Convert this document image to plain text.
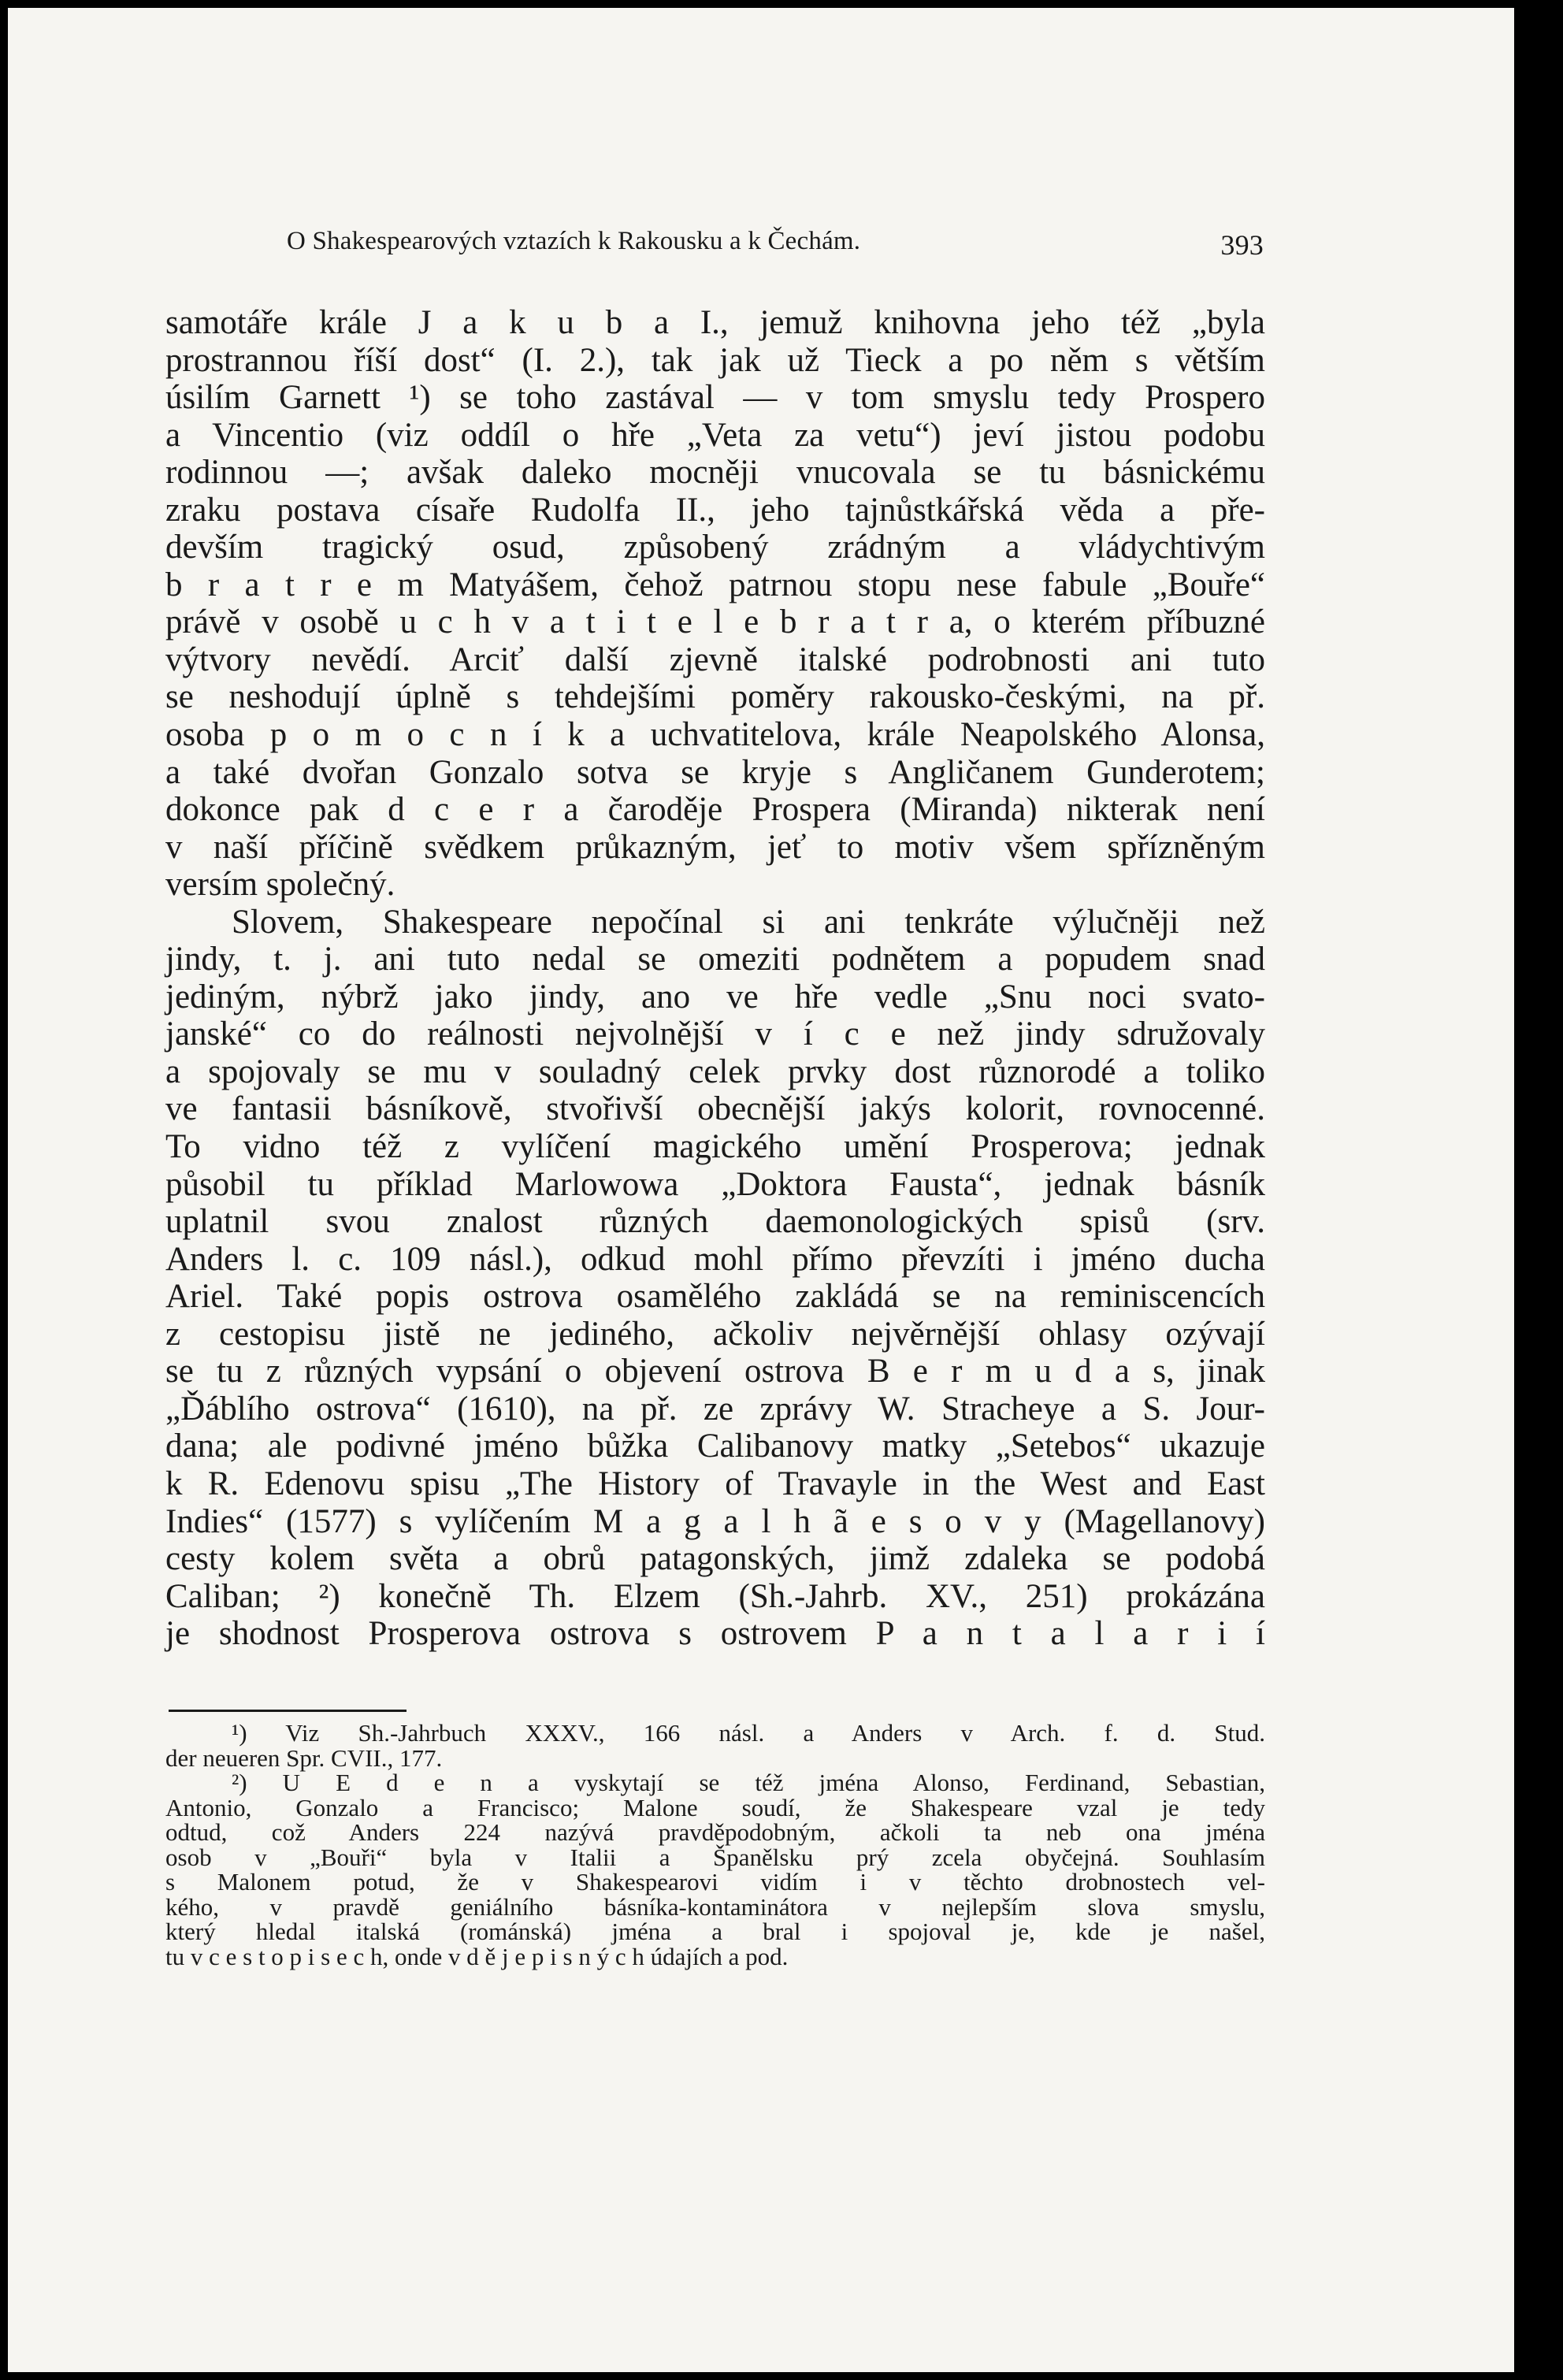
O Shakespearových vztazích k Rakousku a k Čechám.	393
samotáře krále J a k u b a I., jemuž knihovna jeho též „byla
prostrannou říší dost“ (I. 2.), tak jak už Tieck a po něm s větším
úsilím Garnett ¹) se toho zastával — v tom smyslu tedy Prospero
a Vincentio (viz oddíl o hře „Veta za vetu“) jeví jistou podobu
rodinnou —; avšak daleko mocněji vnucovala se tu básnickému
zraku postava císaře Rudolfa II., jeho tajnůstkářská věda a pře-
devším tragický osud, způsobený zrádným a vládychtivým
b r a t r e m Matyášem, čehož patrnou stopu nese fabule „Bouře“
právě v osobě u c h v a t i t e l e b r a t r a, o kterém příbuzné
výtvory nevědí. Arciť další zjevně italské podrobnosti ani tuto
se neshodují úplně s tehdejšími poměry rakousko-českými, na př.
osoba p o m o c n í k a uchvatitelova, krále Neapolského Alonsa,
a také dvořan Gonzalo sotva se kryje s Angličanem Gunderotem;
dokonce pak d c e r a čaroděje Prospera (Miranda) nikterak není
v naší příčině svědkem průkazným, jeť to motiv všem spřízněným
versím společný.
Slovem, Shakespeare nepočínal si ani tenkráte výlučněji než
jindy, t. j. ani tuto nedal se omeziti podnětem a popudem snad
jediným, nýbrž jako jindy, ano ve hře vedle „Snu noci svato-
janské“ co do reálnosti nejvolnější v í c e než jindy sdružovaly
a spojovaly se mu v souladný celek prvky dost různorodé a toliko
ve fantasii básníkově, stvořivší obecnější jakýs kolorit, rovnocenné.
To vidno též z vylíčení magického umění Prosperova; jednak
působil tu příklad Marlowowa „Doktora Fausta“, jednak básník
uplatnil svou znalost různých daemonologických spisů (srv.
Anders l. c. 109 násl.), odkud mohl přímo převzíti i jméno ducha
Ariel. Také popis ostrova osamělého zakládá se na reminiscencích
z cestopisu jistě ne jediného, ačkoliv nejvěrnější ohlasy ozývají
se tu z různých vypsání o objevení ostrova B e r m u d a s, jinak
„Ďáblího ostrova“ (1610), na př. ze zprávy W. Stracheye a S. Jour-
dana; ale podivné jméno bůžka Calibanovy matky „Setebos“ ukazuje
k R. Edenovu spisu „The History of Travayle in the West and East
Indies“ (1577) s vylíčením M a g a l h ã e s o v y (Magellanovy)
cesty kolem světa a obrů patagonských, jimž zdaleka se podobá
Caliban; ²) konečně Th. Elzem (Sh.-Jahrb. XV., 251) prokázána
je shodnost Prosperova ostrova s ostrovem P a n t a l a r i í
¹) Viz Sh.-Jahrbuch XXXV., 166 násl. a Anders v Arch. f. d. Stud.
der neueren Spr. CVII., 177.
²) U E d e n a vyskytají se též jména Alonso, Ferdinand, Sebastian,
Antonio, Gonzalo a Francisco; Malone soudí, že Shakespeare vzal je tedy
odtud, což Anders 224 nazývá pravděpodobným, ačkoli ta neb ona jména
osob v „Bouři“ byla v Italii a Španělsku prý zcela obyčejná. Souhlasím
s Malonem potud, že v Shakespearovi vidím i v těchto drobnostech vel-
kého, v pravdě geniálního básníka-kontaminátora v nejlepším slova smyslu,
který hledal italská (románská) jména a bral i spojoval je, kde je našel,
tu v c e s t o p i s e c h, onde v d ě j e p i s n ý c h údajích a pod.
